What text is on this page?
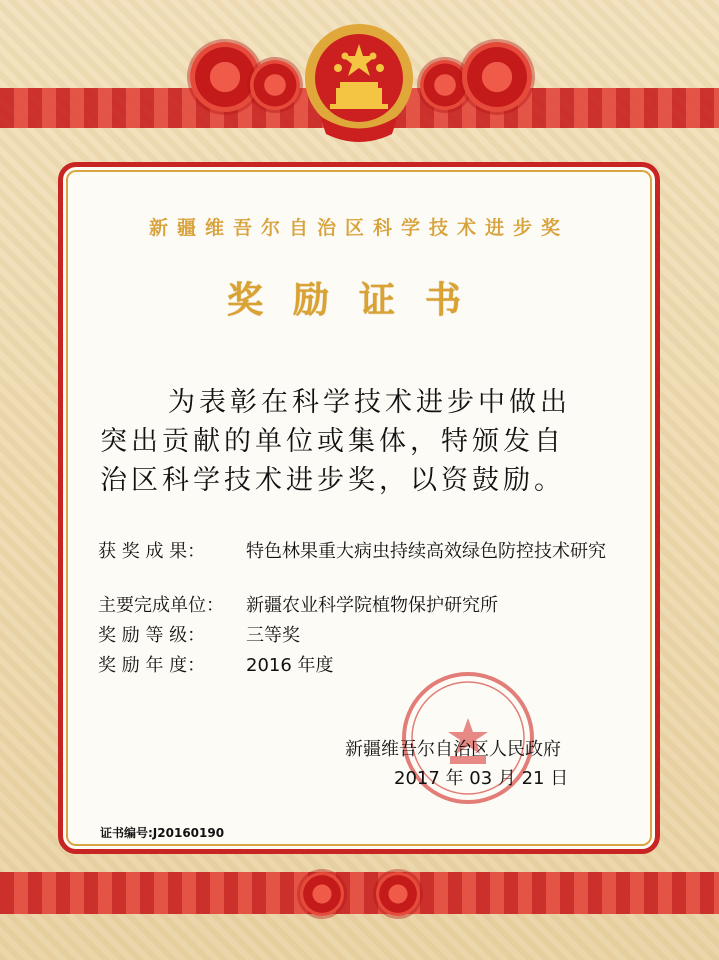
新疆维吾尔自治区科学技术进步奖
奖励证书
为表彰在科学技术进步中做出
突出贡献的单位或集体，特颁发自
治区科学技术进步奖，以资鼓励。
获 奖 成 果： 特色林果重大病虫持续高效绿色防控技术研究
主要完成单位： 新疆农业科学院植物保护研究所
奖 励 等 级： 三等奖
奖 励 年 度： 2016 年度
新疆维吾尔自治区人民政府
2017 年 03 月 21 日
证书编号:J20160190
